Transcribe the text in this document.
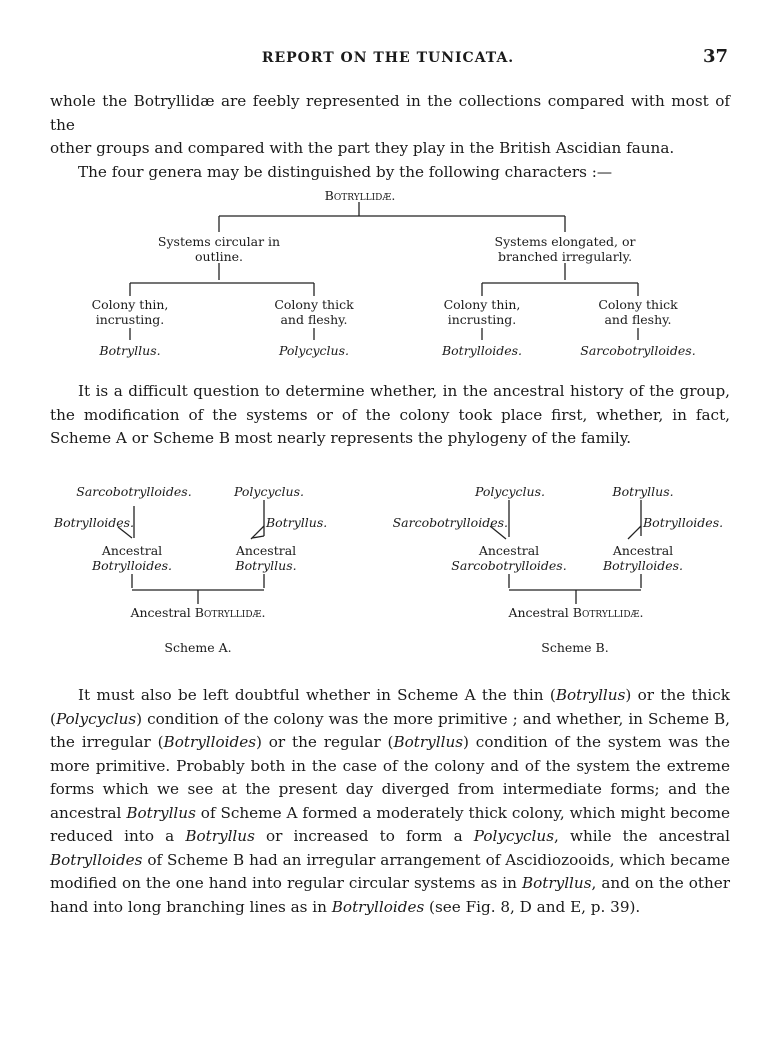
REPORT ON THE TUNICATA.	37

whole the Botryllidæ are feebly represented in the collections compared with most of the

other groups and compared with the part they play in the British Ascidian fauna.

The four genera may be distinguished by the following characters :—

Botryllidæ.
Systems circular in outline.
Systems elongated, or branched irregularly.
Colony thin, incrusting.
Colony thick and fleshy.
Colony thin, incrusting.
Colony thick and fleshy.
Botryllus.	Polycyclus.	Botrylloides.	Sarcobotrylloides.
It is a difficult question to determine whether, in the ancestral history of the group, the modification of the systems or of the colony took place first, whether, in fact, Scheme A or Scheme B most nearly represents the phylogeny of the family.
Sarcobotrylloides.	Polycyclus.
Botrylloides.	Botryllus.
Ancestral
Botrylloides.
Ancestral
Botryllus.
Ancestral Botryllidæ.
Scheme A.
Polycyclus.	Botryllus.
Sarcobotrylloides.	Botrylloides.
Ancestral
Sarcobotrylloides.
Ancestral
Botrylloides.
Ancestral Botryllidæ.
Scheme B.
It must also be left doubtful whether in Scheme A the thin (Botryllus) or the thick (Polycyclus) condition of the colony was the more primitive ; and whether, in Scheme B, the irregular (Botrylloides) or the regular (Botryllus) condition of the system was the more primitive. Probably both in the case of the colony and of the system the extreme forms which we see at the present day diverged from intermediate forms; and the ancestral Botryllus of Scheme A formed a moderately thick colony, which might become reduced into a Botryllus or increased to form a Polycyclus, while the ancestral Botrylloides of Scheme B had an irregular arrangement of Ascidiozooids, which became modified on the one hand into regular circular systems as in Botryllus, and on the other hand into long branching lines as in Botrylloides (see Fig. 8, D and E, p. 39).
